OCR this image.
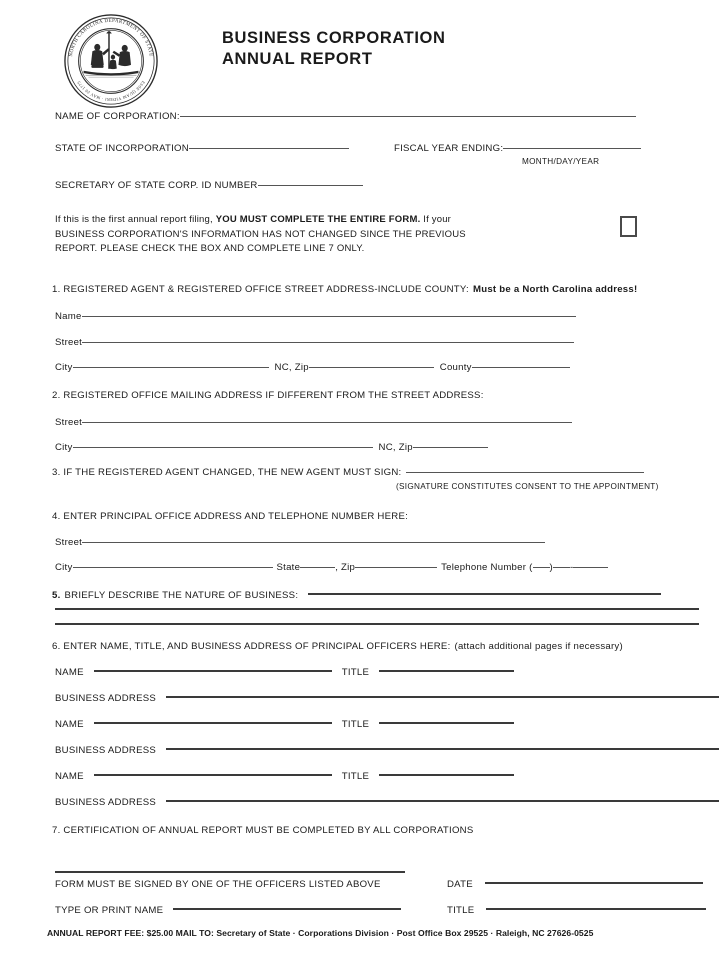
NORTH CAROLINA DEPARTMENT OF STATE
ESSE QUAM VIDERI · MAY 20 1775
BUSINESS CORPORATION
ANNUAL REPORT
NAME OF CORPORATION:
STATE OF INCORPORATION	FISCAL YEAR ENDING:
MONTH/DAY/YEAR
SECRETARY OF STATE CORP. ID NUMBER
If this is the first annual report filing, YOU MUST COMPLETE THE ENTIRE FORM. If your
BUSINESS CORPORATION'S INFORMATION HAS NOT CHANGED SINCE THE PREVIOUS
REPORT. PLEASE CHECK THE BOX AND COMPLETE LINE 7 ONLY.
1. REGISTERED AGENT & REGISTERED OFFICE STREET ADDRESS-INCLUDE COUNTY: Must be a North Carolina address!
Name
Street
City	NC, Zip	County
2. REGISTERED OFFICE MAILING ADDRESS IF DIFFERENT FROM THE STREET ADDRESS:
Street
City	NC, Zip
3. IF THE REGISTERED AGENT CHANGED, THE NEW AGENT MUST SIGN:
(SIGNATURE CONSTITUTES CONSENT TO THE APPOINTMENT)
4. ENTER PRINCIPAL OFFICE ADDRESS AND TELEPHONE NUMBER HERE:
Street
City	State	, Zip	Telephone Number ( ) -
5. BRIEFLY DESCRIBE THE NATURE OF BUSINESS:
6. ENTER NAME, TITLE, AND BUSINESS ADDRESS OF PRINCIPAL OFFICERS HERE: (attach additional pages if necessary)
NAME	TITLE
BUSINESS ADDRESS
NAME	TITLE
BUSINESS ADDRESS
NAME	TITLE
BUSINESS ADDRESS
7. CERTIFICATION OF ANNUAL REPORT MUST BE COMPLETED BY ALL CORPORATIONS
FORM MUST BE SIGNED BY ONE OF THE OFFICERS LISTED ABOVE	DATE
TYPE OR PRINT NAME	TITLE
ANNUAL REPORT FEE: $25.00 MAIL TO: Secretary of State · Corporations Division · Post Office Box 29525 · Raleigh, NC 27626-0525
